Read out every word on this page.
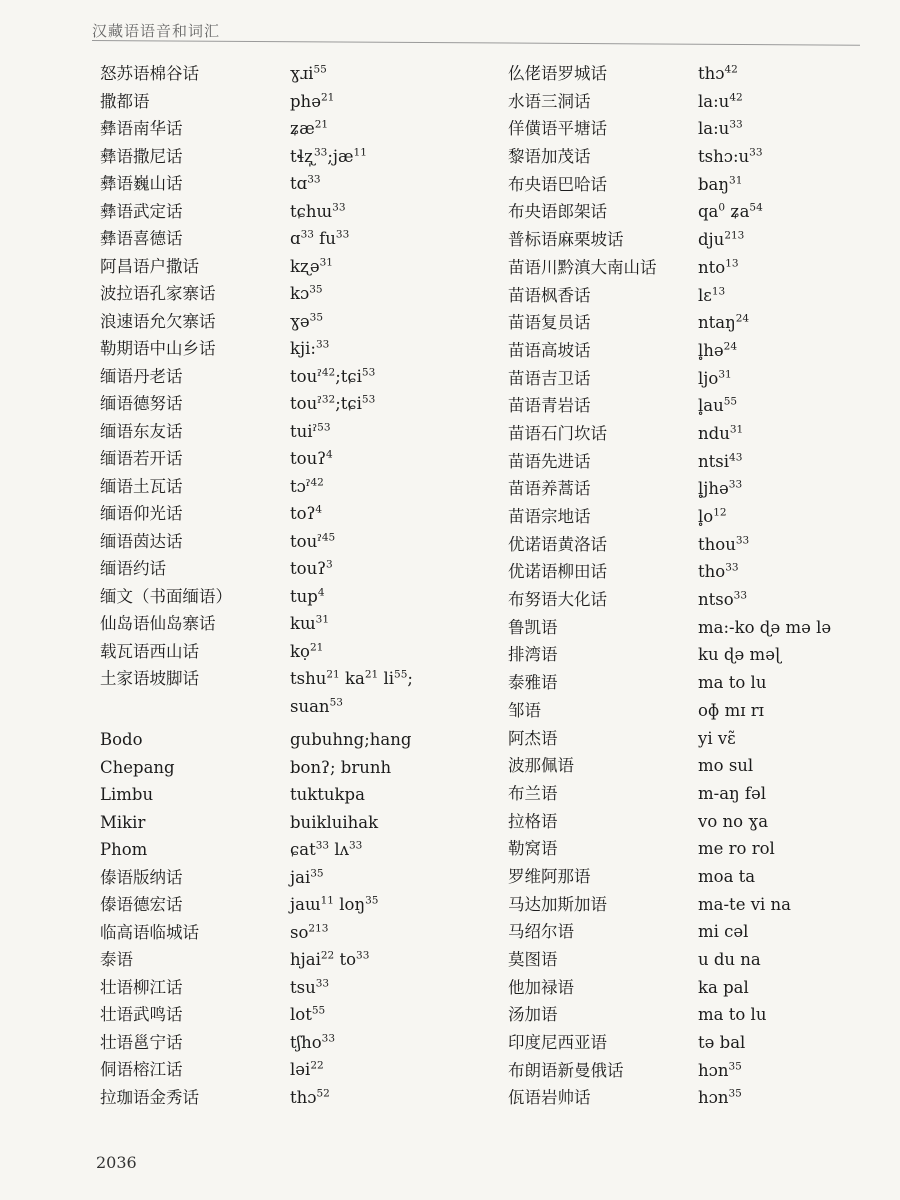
汉藏语语音和词汇
怒苏语棉谷话	ɣɹi$^{55}$
撒都语	phə$^{21}$
彝语南华话	ʑæ$^{21}$
彝语撒尼话	$tɬʐ̩^{33};jæ^{11}$
彝语巍山话	tɑ$^{33}$
彝语武定话	tɕhɯ$^{33}$
彝语喜德话	ɑ$^{33}$ $fu^{33}$
阿昌语户撒话	kʐə$^{31}$
波拉语孔家寨话	kɔ$^{35}$
浪速语允欠寨话	ɣə$^{35}$
勒期语中山乡话	kji:$^{33}$
缅语丹老话	touˀ$^{42}$;tɕi$^{53}$
缅语德努话	touˀ$^{32}$;tɕi$^{53}$
缅语东友话	tuiˀ$^{53}$
缅语若开话	touʔ$^4$
缅语土瓦话	tɔˀ$^{42}$
缅语仰光话	toʔ$^4$
缅语茵达话	touˀ$^{45}$
缅语约话	touʔ$^3$
缅文（书面缅语）	tup$^4$
仙岛语仙岛寨话	kɯ$^{31}$
载瓦语西山话	kọ$^{21}$
土家语坡脚话	tshu$^{21}$ $ka^{21}$ $li^{55}$;
suan$^{53}$
Bodo	gubuhng;hang
Chepang	bonʔ; brunh
Limbu	tuktukpa
Mikir	buikluihak
Phom	ɕat$^{33}$ lʌ$^{33}$
傣语版纳话	jai$^{35}$
傣语德宏话	jaɯ$^{11}$ loŋ$^{35}$
临高语临城话	$so^{213}$
泰语	hjai$^{22}$ $to^{33}$
壮语柳江话	tsu$^{33}$
壮语武鸣话	lot$^{55}$
壮语邕宁话	tʃho$^{33}$
侗语榕江话	ləi$^{22}$
拉珈语金秀话	thɔ$^{52}$
仫佬语罗城话	thɔ$^{42}$
水语三洞话	$la:u^{42}$
佯僙语平塘话	$la:u^{33}$
黎语加茂话	$tshɔ:u^{33}$
布央语巴哈话	baŋ$^{31}$
布央语郎架话	$qa^0$ ʑa$^{54}$
普标语麻栗坡话	dju$^{213}$
苗语川黔滇大南山话	nto$^{13}$
苗语枫香话	lɛ$^{13}$
苗语复员话	ntaŋ$^{24}$
苗语高坡话	l̥hə$^{24}$
苗语吉卫话	ljo$^{31}$
苗语青岩话	$l̥au^{55}$
苗语石门坎话	ndu$^{31}$
苗语先进话	ntsi$^{43}$
苗语养蒿话	l̥jhə$^{33}$
苗语宗地话	$l̥o^{12}$
优诺语黄洛话	thou$^{33}$
优诺语柳田话	tho$^{33}$
布努语大化话	ntso$^{33}$
鲁凯语	ma:-ko ɖə mə lə
排湾语	ku ɖə məɭ
泰雅语	ma to lu
邹语	oɸ mɪ rɪ
阿杰语	yi vɛ̃
波那佩语	mo sul
布兰语	m-aŋ fəl
拉格语	vo no ɣa
勒窝语	me ro rol
罗维阿那语	moa ta
马达加斯加语	ma-te vi na
马绍尔语	mi cəl
莫图语	u du na
他加禄语	ka pal
汤加语	ma to lu
印度尼西亚语	tə bal
布朗语新曼俄话	hɔn$^{35}$
佤语岩帅话	hɔn$^{35}$
2036
